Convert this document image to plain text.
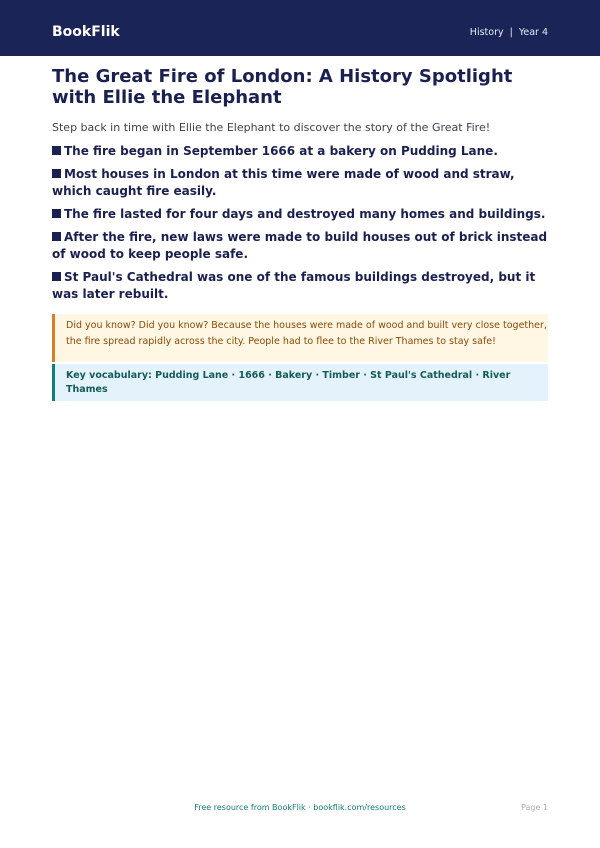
BookFlik	History | Year 4
The Great Fire of London: A History Spotlight with Ellie the Elephant

Step back in time with Ellie the Elephant to discover the story of the Great Fire!

The fire began in September 1666 at a bakery on Pudding Lane.
Most houses in London at this time were made of wood and straw, which caught fire easily.
The fire lasted for four days and destroyed many homes and buildings.
After the fire, new laws were made to build houses out of brick instead of wood to keep people safe.
St Paul's Cathedral was one of the famous buildings destroyed, but it was later rebuilt.
Did you know? Did you know? Because the houses were made of wood and built very close together, the fire spread rapidly across the city. People had to flee to the River Thames to stay safe!
Key vocabulary: Pudding Lane · 1666 · Bakery · Timber · St Paul's Cathedral · River Thames
Free resource from BookFlik · bookflik.com/resources	Page 1
